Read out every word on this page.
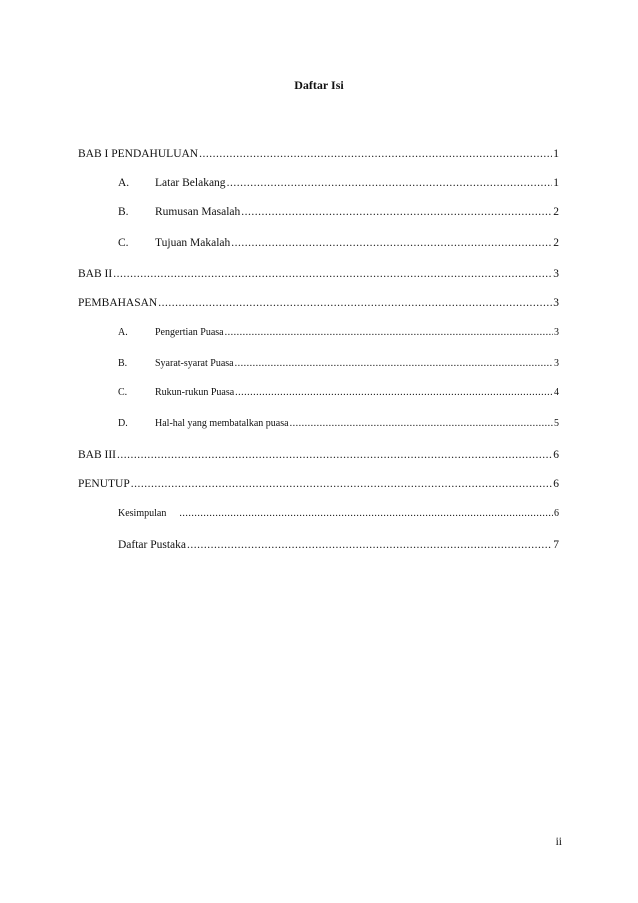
Daftar Isi
BAB I PENDAHULUAN .....	1
A.	Latar Belakang .....	1
B.	Rumusan Masalah .....	2
C.	Tujuan Makalah .....	2
BAB II .....	3
PEMBAHASAN .....	3
A.	Pengertian Puasa .....	3
B.	Syarat-syarat Puasa .....	3
C.	Rukun-rukun Puasa .....	4
D.	Hal-hal yang membatalkan puasa .....	5
BAB III .....	6
PENUTUP .....	6
Kesimpulan .....	6
Daftar Pustaka .....	7
ii
